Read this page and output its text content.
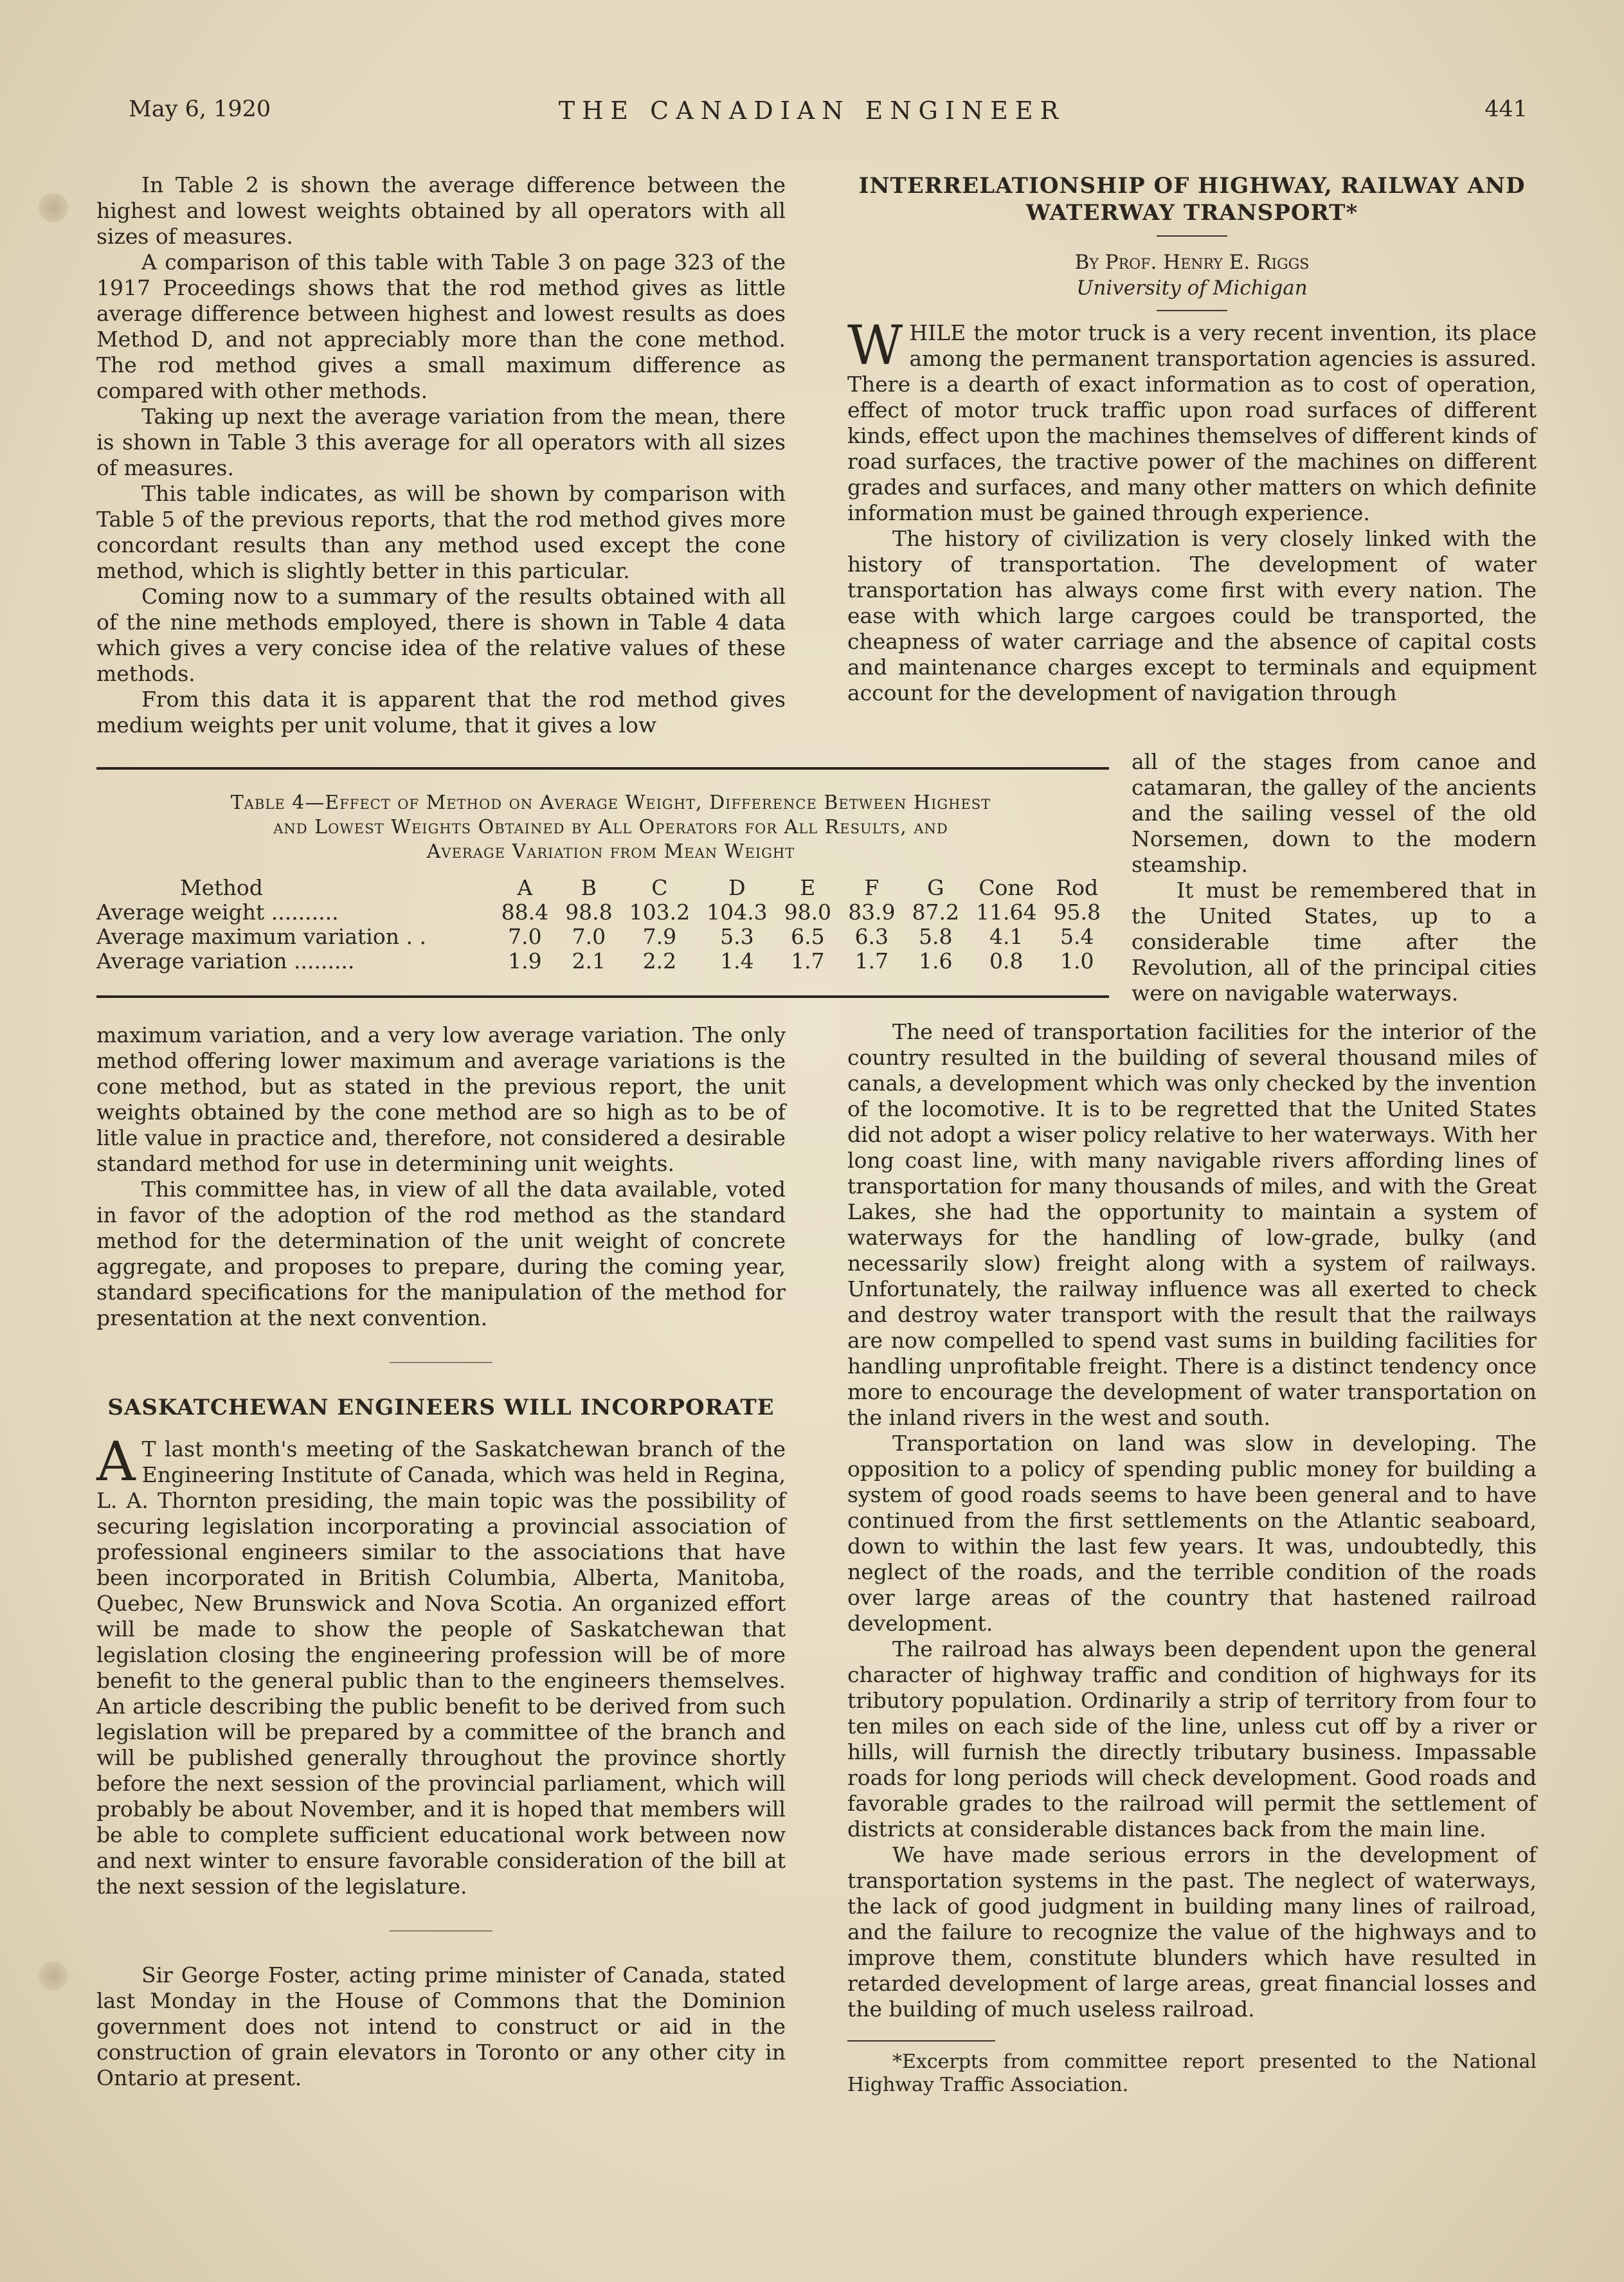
THE CANADIAN ENGINEER
May 6, 1920	441

In Table 2 is shown the average difference between the highest and lowest weights obtained by all operators with all sizes of measures.

A comparison of this table with Table 3 on page 323 of the 1917 Proceedings shows that the rod method gives as little average difference between highest and lowest results as does Method D, and not appreciably more than the cone method. The rod method gives a small maximum difference as compared with other methods.

Taking up next the average variation from the mean, there is shown in Table 3 this average for all operators with all sizes of measures.

This table indicates, as will be shown by comparison with Table 5 of the previous reports, that the rod method gives more concordant results than any method used except the cone method, which is slightly better in this particular.

Coming now to a summary of the results obtained with all of the nine methods employed, there is shown in Table 4 data which gives a very concise idea of the relative values of these methods.

From this data it is apparent that the rod method gives medium weights per unit volume, that it gives a low

Table 4—Effect of Method on Average Weight, Difference Between Highest
and Lowest Weights Obtained by All Operators for All Results, and
Average Variation from Mean Weight
Method	A	B	C	D	E	F	G	Cone	Rod
Average weight ..........	88.4	98.8	103.2	104.3	98.0	83.9	87.2	11.64	95.8
Average maximum variation . .	7.0	7.0	7.9	5.3	6.5	6.3	5.8	4.1	5.4
Average variation .........	1.9	2.1	2.2	1.4	1.7	1.7	1.6	0.8	1.0

all of the stages from canoe and catamaran, the galley of the ancients and the sailing vessel of the old Norsemen, down to the modern steamship.

It must be remembered that in the United States, up to a considerable time after the Revolution, all of the principal cities were on navigable waterways.

maximum variation, and a very low average variation. The only method offering lower maximum and average variations is the cone method, but as stated in the previous report, the unit weights obtained by the cone method are so high as to be of litle value in practice and, therefore, not considered a desirable standard method for use in determining unit weights.

This committee has, in view of all the data available, voted in favor of the adoption of the rod method as the standard method for the determination of the unit weight of concrete aggregate, and proposes to prepare, during the coming year, standard specifications for the manipulation of the method for presentation at the next convention.

SASKATCHEWAN ENGINEERS WILL INCORPORATE

A T last month's meeting of the Saskatchewan branch of the Engineering Institute of Canada, which was held in Regina, L. A. Thornton presiding, the main topic was the possibility of securing legislation incorporating a provincial association of professional engineers similar to the associations that have been incorporated in British Columbia, Alberta, Manitoba, Quebec, New Brunswick and Nova Scotia. An organized effort will be made to show the people of Saskatchewan that legislation closing the engineering profession will be of more benefit to the general public than to the engineers themselves. An article describing the public benefit to be derived from such legislation will be prepared by a committee of the branch and will be published generally throughout the province shortly before the next session of the provincial parliament, which will probably be about November, and it is hoped that members will be able to complete sufficient educational work between now and next winter to ensure favorable consideration of the bill at the next session of the legislature.

Sir George Foster, acting prime minister of Canada, stated last Monday in the House of Commons that the Dominion government does not intend to construct or aid in the construction of grain elevators in Toronto or any other city in Ontario at present.

INTERRELATIONSHIP OF HIGHWAY, RAILWAY AND
WATERWAY TRANSPORT*
By Prof. Henry E. Riggs
University of Michigan

WHILE the motor truck is a very recent invention, its place among the permanent transportation agencies is assured. There is a dearth of exact information as to cost of operation, effect of motor truck traffic upon road surfaces of different kinds, effect upon the machines themselves of different kinds of road surfaces, the tractive power of the machines on different grades and surfaces, and many other matters on which definite information must be gained through experience.

The history of civilization is very closely linked with the history of transportation. The development of water transportation has always come first with every nation. The ease with which large cargoes could be transported, the cheapness of water carriage and the absence of capital costs and maintenance charges except to terminals and equipment account for the development of navigation through

The need of transportation facilities for the interior of the country resulted in the building of several thousand miles of canals, a development which was only checked by the invention of the locomotive. It is to be regretted that the United States did not adopt a wiser policy relative to her waterways. With her long coast line, with many navigable rivers affording lines of transportation for many thousands of miles, and with the Great Lakes, she had the opportunity to maintain a system of waterways for the handling of low-grade, bulky (and necessarily slow) freight along with a system of railways. Unfortunately, the railway influence was all exerted to check and destroy water transport with the result that the railways are now compelled to spend vast sums in building facilities for handling unprofitable freight. There is a distinct tendency once more to encourage the development of water transportation on the inland rivers in the west and south.

Transportation on land was slow in developing. The opposition to a policy of spending public money for building a system of good roads seems to have been general and to have continued from the first settlements on the Atlantic seaboard, down to within the last few years. It was, undoubtedly, this neglect of the roads, and the terrible condition of the roads over large areas of the country that hastened railroad development.

The railroad has always been dependent upon the general character of highway traffic and condition of highways for its tributory population. Ordinarily a strip of territory from four to ten miles on each side of the line, unless cut off by a river or hills, will furnish the directly tributary business. Impassable roads for long periods will check development. Good roads and favorable grades to the railroad will permit the settlement of districts at considerable distances back from the main line.

We have made serious errors in the development of transportation systems in the past. The neglect of waterways, the lack of good judgment in building many lines of railroad, and the failure to recognize the value of the highways and to improve them, constitute blunders which have resulted in retarded development of large areas, great financial losses and the building of much useless railroad.

*Excerpts from committee report presented to the National Highway Traffic Association.
